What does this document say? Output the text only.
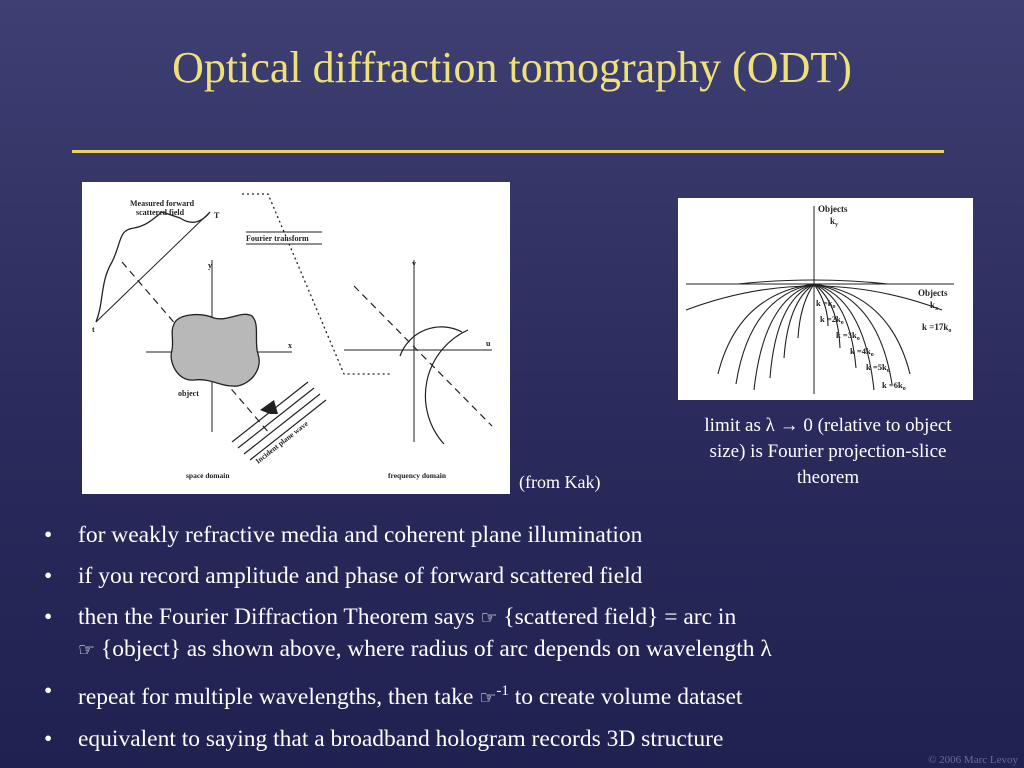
Optical diffraction tomography (ODT)
Measured forward
scattered field
t
T
Fourier transform
y
x
object
Incident plane wave
v
u
space domain	frequency domain	(from Kak)
Objects
$k_y$
Objects
$k_x$
$k =17k_o$
$k =k_o$
$k =2k_o$
$k =3k_o$
$k =4k_o$
$k =5k_o$
$k =6k_o$
limit as λ → 0 (relative to object size) is Fourier projection-slice theorem
• for weakly refractive media and coherent plane illumination
• if you record amplitude and phase of forward scattered field
• then the Fourier Diffraction Theorem says ☞ {scattered field} = arc in
☞ {object} as shown above, where radius of arc depends on wavelength λ
• repeat for multiple wavelengths, then take ☞$^{-1}$ to create volume dataset
• equivalent to saying that a broadband hologram records 3D structure
© 2006 Marc Levoy
